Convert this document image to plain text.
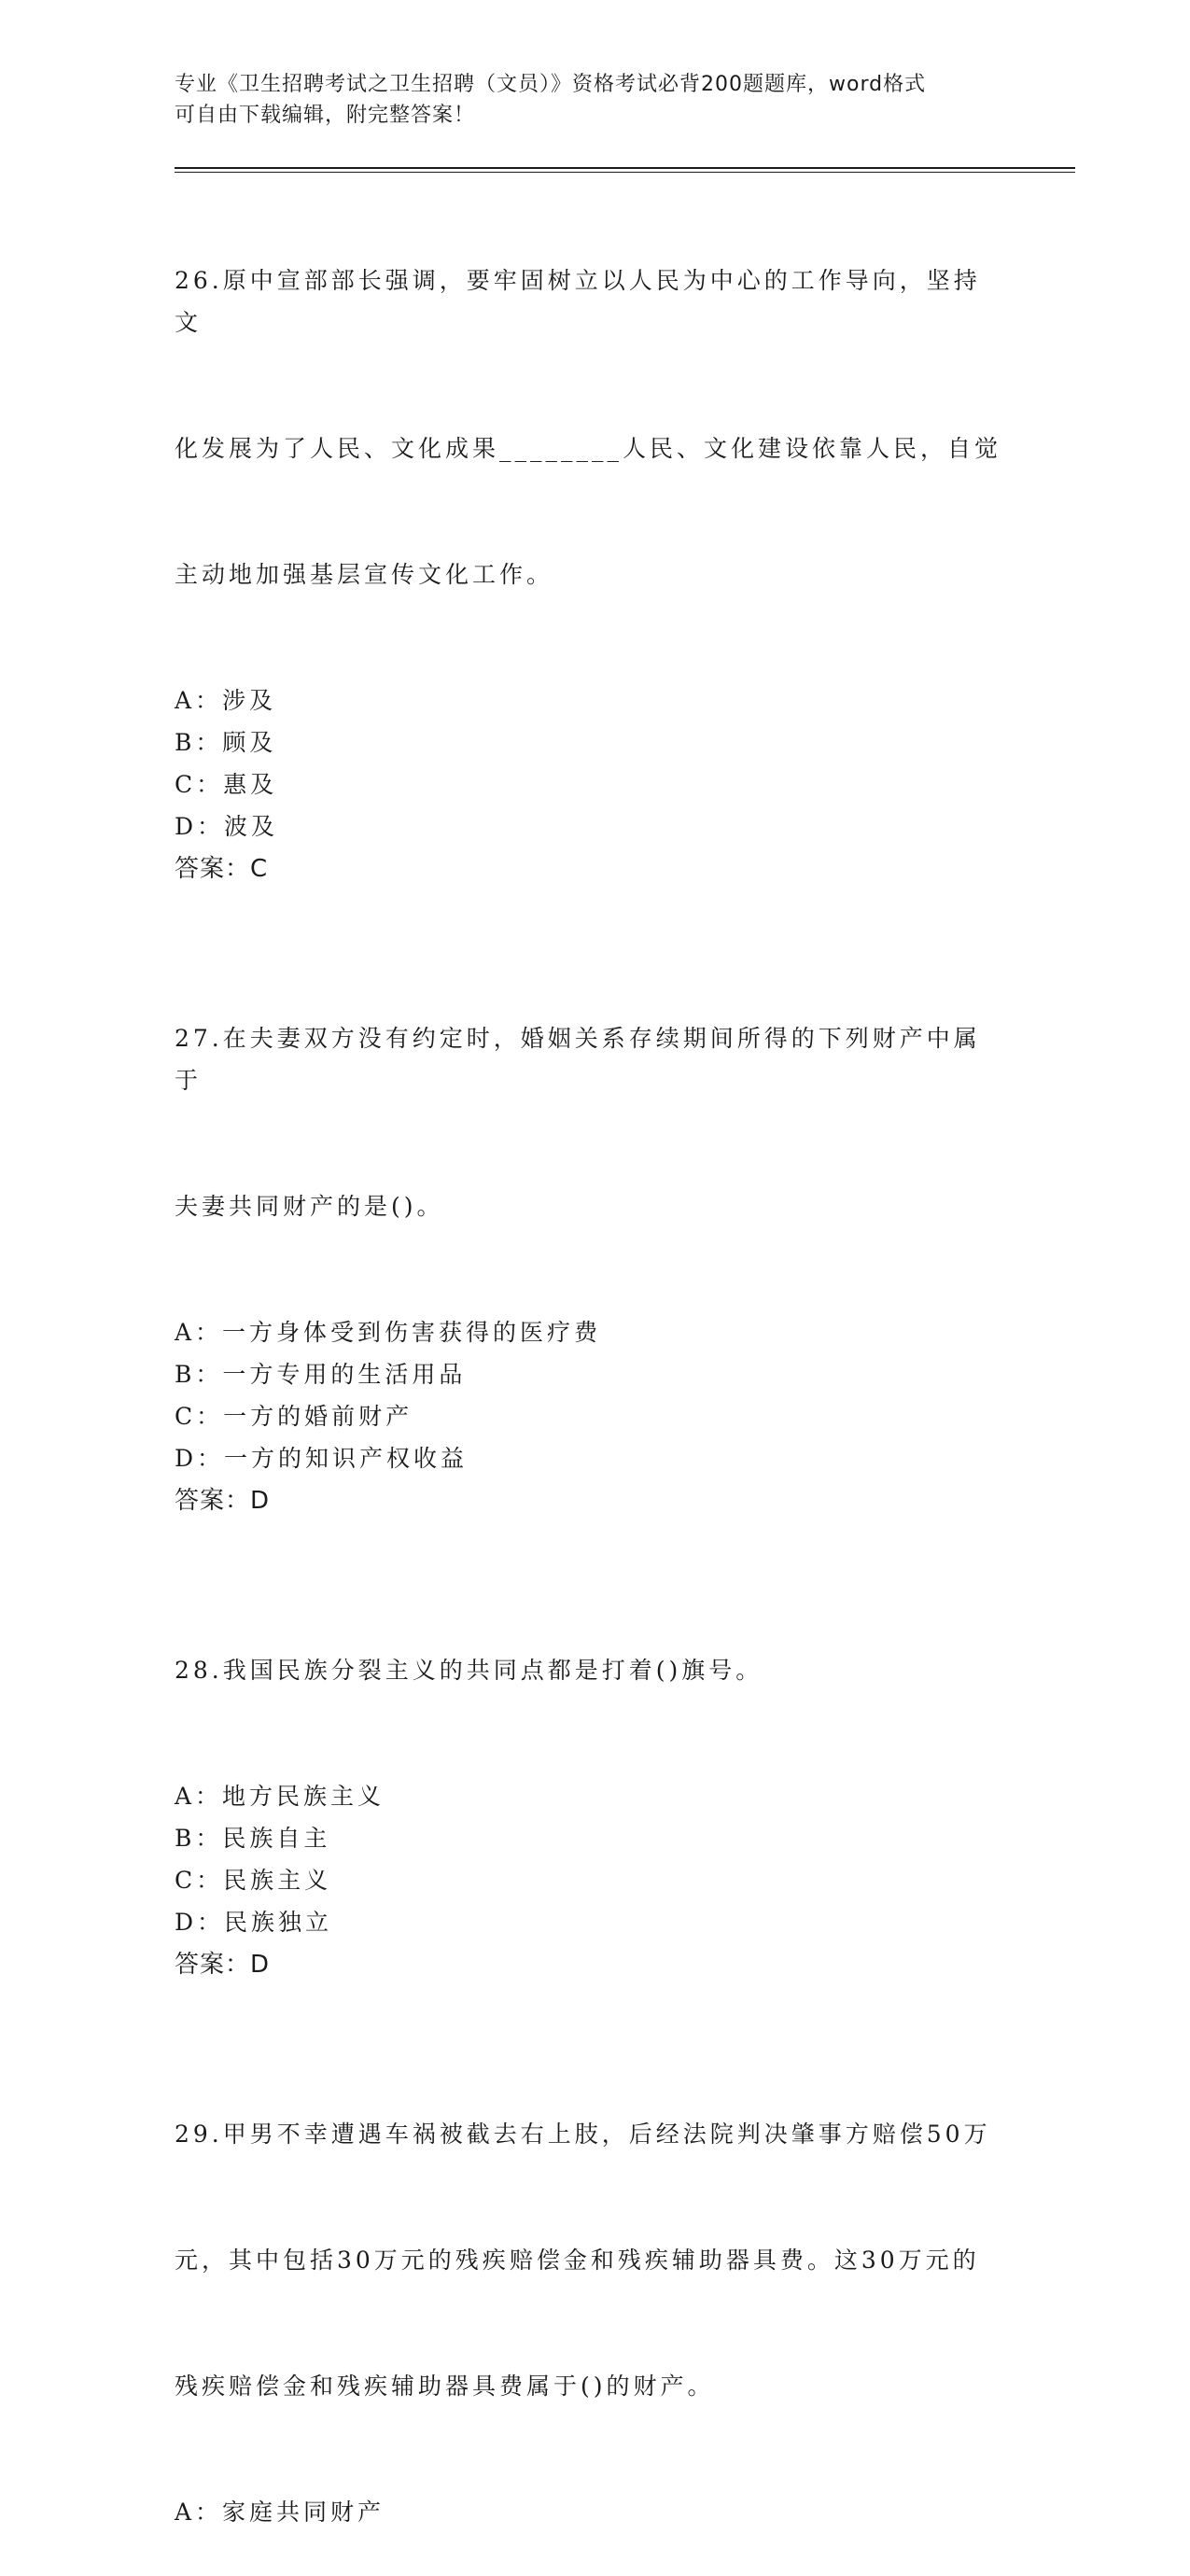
专业《卫生招聘考试之卫生招聘（文员）》资格考试必背200题题库，word格式
可自由下载编辑，附完整答案！

26.原中宣部部长强调，要牢固树立以人民为中心的工作导向，坚持文

化发展为了人民、文化成果________人民、文化建设依靠人民，自觉

主动地加强基层宣传文化工作。

A：涉及
B：顾及
C：惠及
D：波及
答案：C

27.在夫妻双方没有约定时，婚姻关系存续期间所得的下列财产中属于

夫妻共同财产的是()。

A：一方身体受到伤害获得的医疗费
B：一方专用的生活用品
C：一方的婚前财产
D：一方的知识产权收益
答案：D

28.我国民族分裂主义的共同点都是打着()旗号。

A：地方民族主义
B：民族自主
C：民族主义
D：民族独立
答案：D

29.甲男不幸遭遇车祸被截去右上肢，后经法院判决肇事方赔偿50万

元，其中包括30万元的残疾赔偿金和残疾辅助器具费。这30万元的

残疾赔偿金和残疾辅助器具费属于()的财产。

A：家庭共同财产
